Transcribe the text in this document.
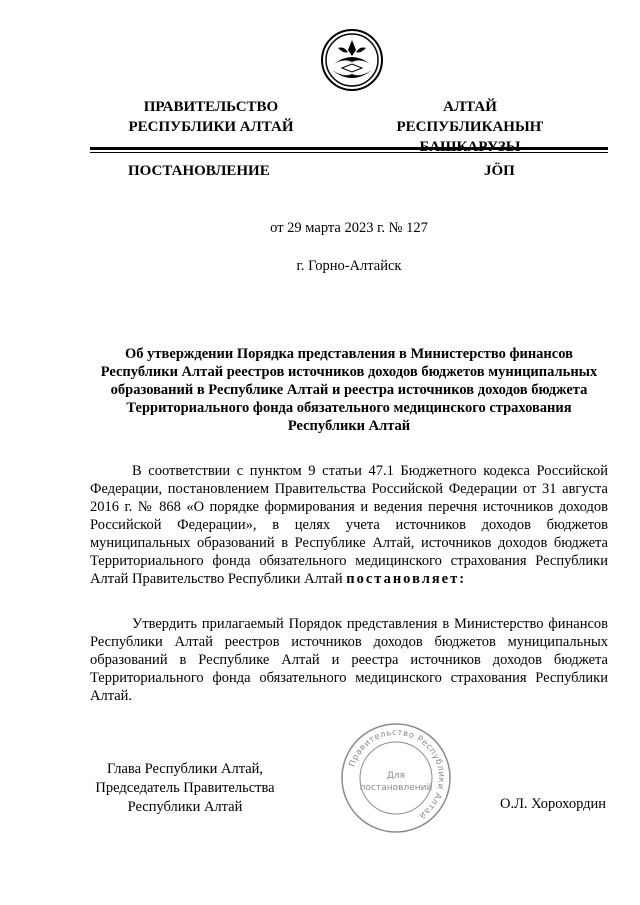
ПРАВИТЕЛЬСТВО
РЕСПУБЛИКИ АЛТАЙ
АЛТАЙ РЕСПУБЛИКАНЫҤ
ПОСТАНОВЛЕНИЕ	JÖП
от 29 марта 2023 г. № 127
г. Горно-Алтайск
Об утверждении Порядка представления в Министерство финансов Республики Алтай реестров источников доходов бюджетов муниципальных образований в Республике Алтай и реестра источников доходов бюджета Территориального фонда обязательного медицинского страхования Республики Алтай
В соответствии с пунктом 9 статьи 47.1 Бюджетного кодекса Российской Федерации, постановлением Правительства Российской Федерации от 31 августа 2016 г. № 868 «О порядке формирования и ведения перечня источников доходов Российской Федерации», в целях учета источников доходов бюджетов муниципальных образований в Республике Алтай, источников доходов бюджета Территориального фонда обязательного медицинского страхования Республики Алтай Правительство Республики Алтай постановляет:
Утвердить прилагаемый Порядок представления в Министерство финансов Республики Алтай реестров источников доходов бюджетов муниципальных образований в Республике Алтай и реестра источников доходов бюджета Территориального фонда обязательного медицинского страхования Республики Алтай.
Глава Республики Алтай,
Председатель Правительства
Республики Алтай
Правительство Республики Алтай
Для
постановлений
О.Л. Хорохордин
